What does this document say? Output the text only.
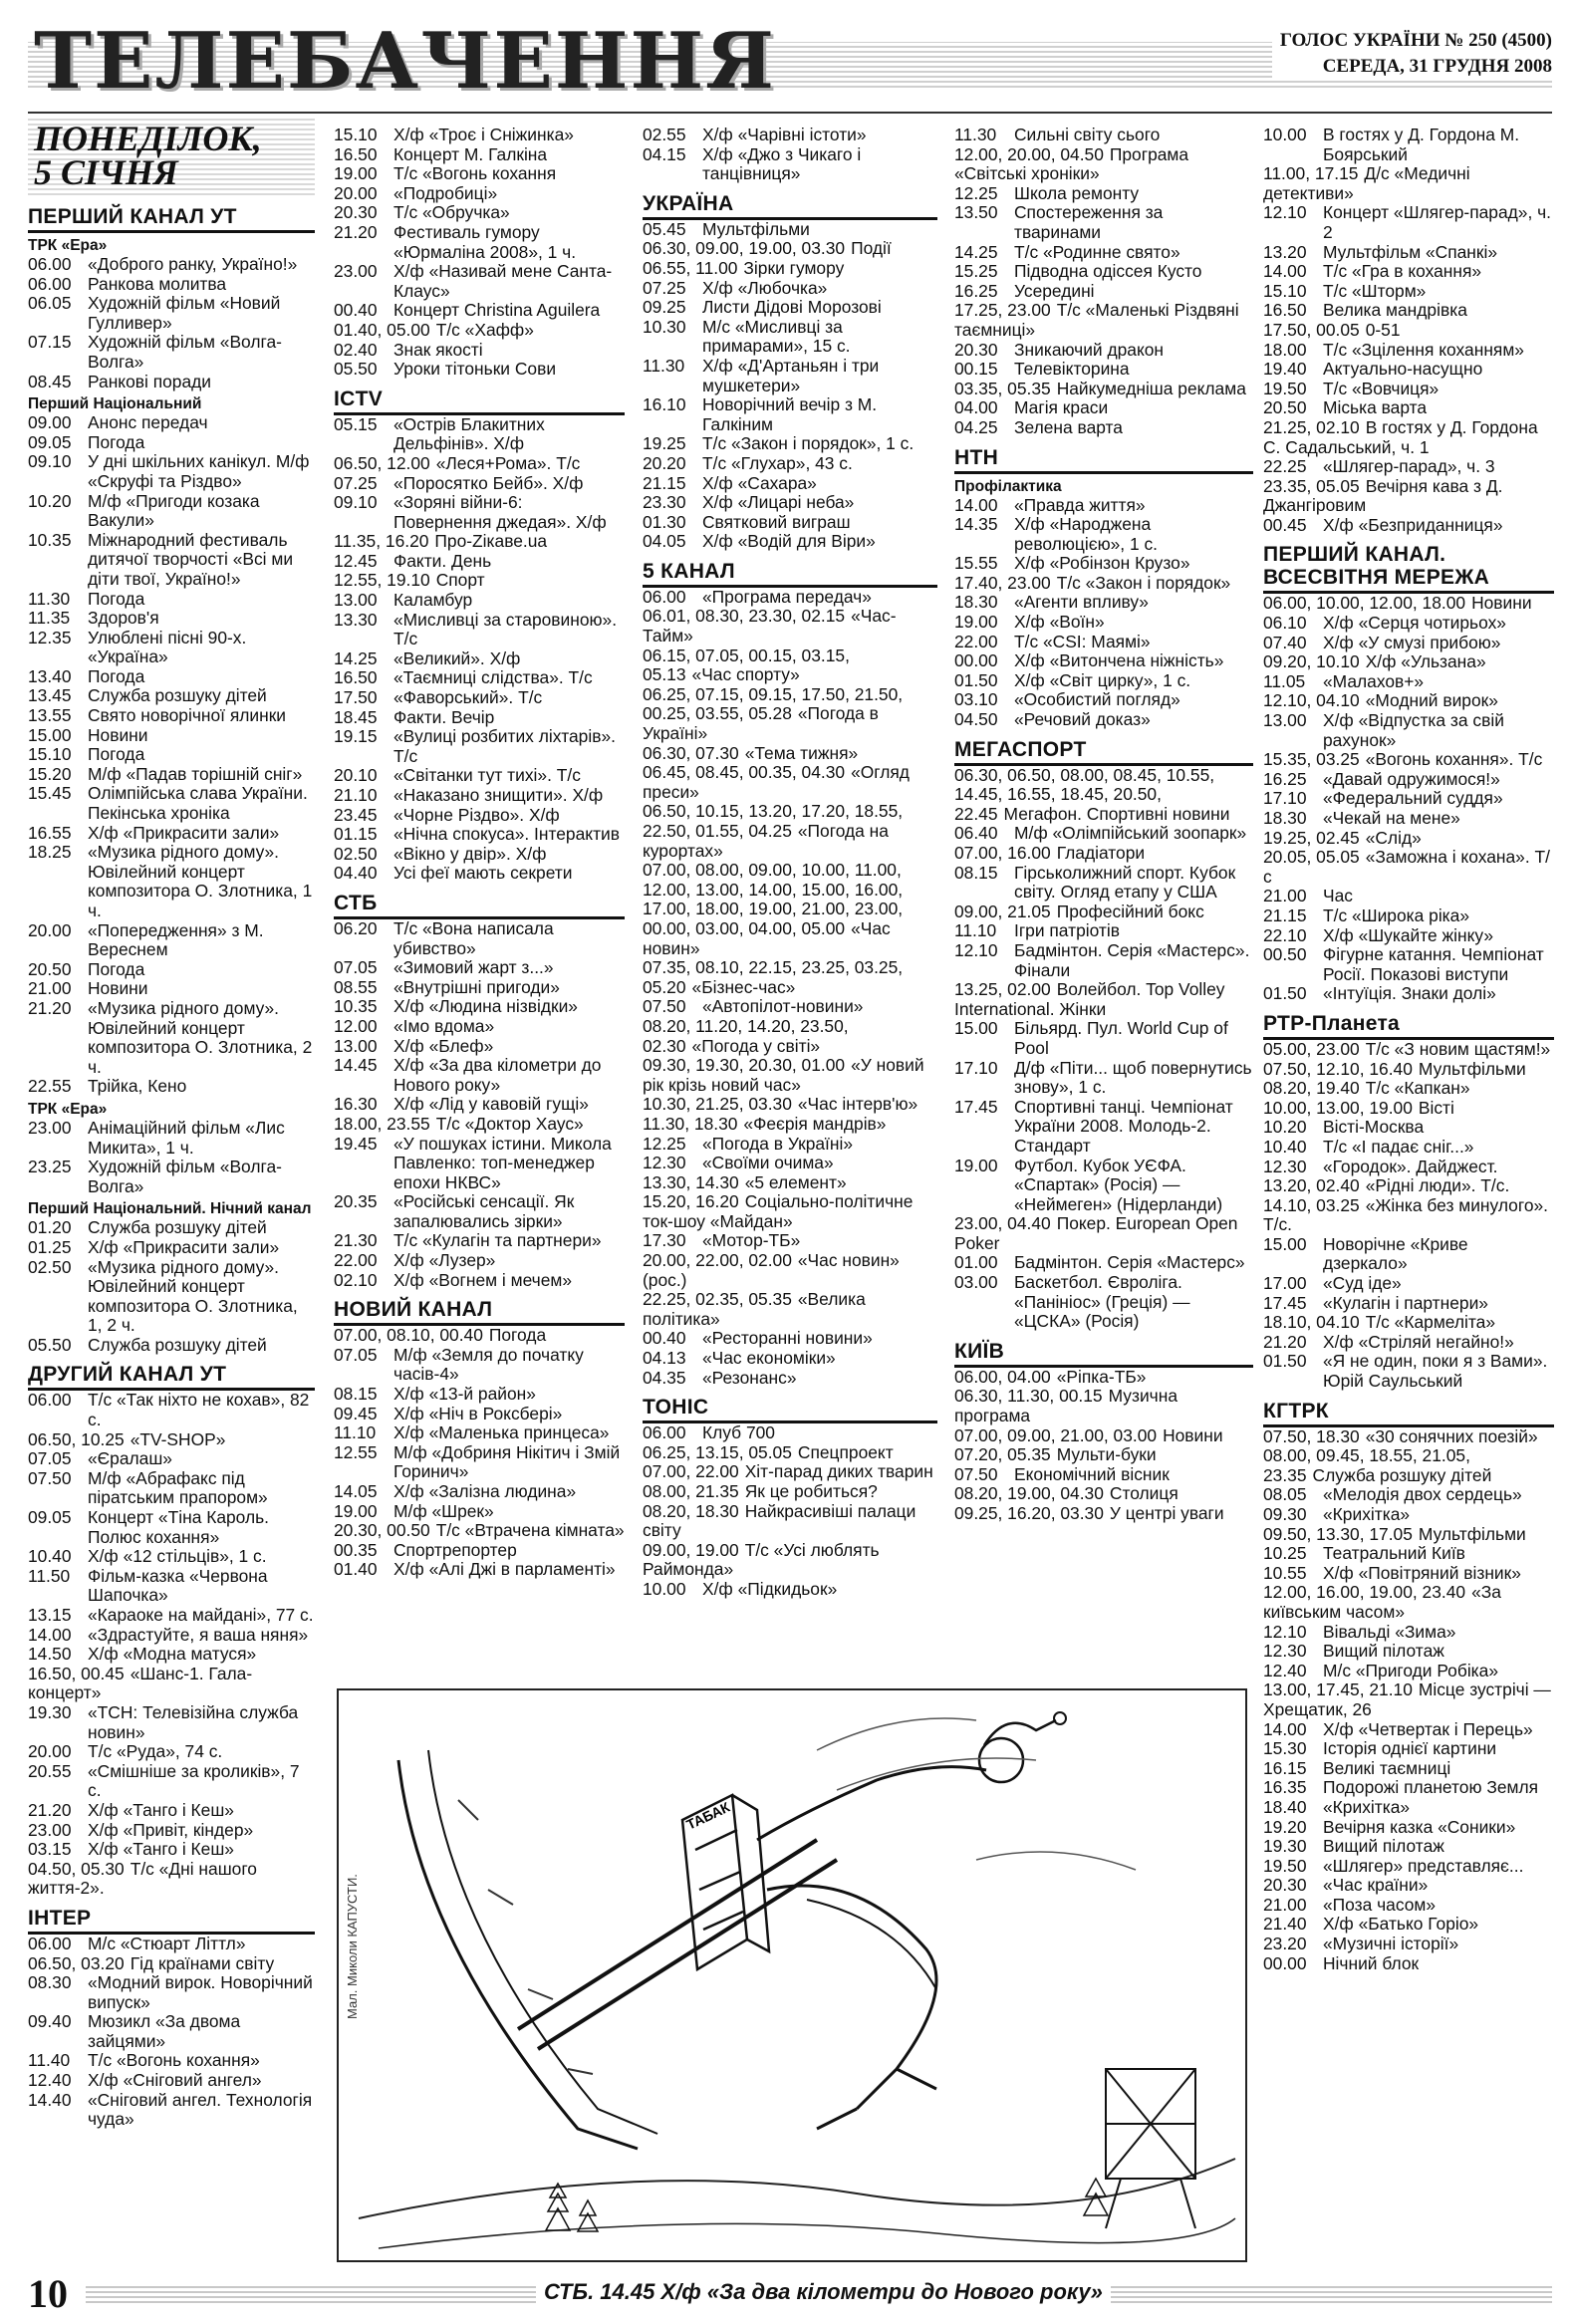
ТЕЛЕБАЧЕННЯ	ГОЛОС УКРАЇНИ № 250 (4500)
СЕРЕДА, 31 ГРУДНЯ 2008
ПОНЕДІЛОК,
5 СІЧНЯ
ПЕРШИЙ КАНАЛ УТ
ТРК «Ера»
06.00 «Доброго ранку, Україно!»
06.00 Ранкова молитва
06.05 Художній фільм «Новий Гулливер»
07.15 Художній фільм «Волга-Волга»
08.45 Ранкові поради
Перший Національний
09.00 Анонс передач
09.05 Погода
09.10 У дні шкільних канікул. М/ф «Скруфі та Різдво»
10.20 М/ф «Пригоди козака Вакули»
10.35 Міжнародний фестиваль дитячої творчості «Всі ми діти твої, Україно!»
11.30	Погода
11.35	Здоров'я
12.35 Улюблені пісні 90-х. «Україна»
13.40 Погода
13.45 Служба розшуку дітей
13.55 Свято новорічної ялинки
15.00 Новини
15.10 Погода
15.20 М/ф «Падав торішній сніг»
15.45 Олімпійська слава України. Пекінська хроніка
16.55 Х/ф «Прикрасити зали»
18.25 «Музика рідного дому». Ювілейний концерт композитора О. Злотника, 1 ч.
20.00 «Попередження» з М. Вереснем
20.50 Погода
21.00 Новини
21.20 «Музика рідного дому». Ювілейний концерт композитора О. Злотника, 2 ч.
22.55 Трійка, Кено
ТРК «Ера»
23.00 Анімаційний фільм «Лис Микита», 1 ч.
23.25 Художній фільм «Волга-Волга»
Перший Національний. Нічний канал
01.20 Служба розшуку дітей
01.25 Х/ф «Прикрасити зали»
02.50 «Музика рідного дому». Ювілейний концерт композитора О. Злотника, 1, 2 ч.
05.50 Служба розшуку дітей
ДРУГИЙ КАНАЛ УТ
06.00 Т/с «Так ніхто не кохав», 82 с.
06.50, 10.25 «TV-SHOP»
07.05 «Єралаш»
07.50 М/ф «Абрафакс під піратським прапором»
09.05 Концерт «Тіна Кароль. Полюс кохання»
10.40 Х/ф «12 стільців», 1 с.
11.50	Фільм-казка «Червона Шапочка»
13.15 «Караоке на майдані», 77 с.
14.00 «Здрастуйте, я ваша няня»
14.50 Х/ф «Модна матуся»
16.50, 00.45 «Шанс-1. Гала-концерт»
19.30 «ТСН: Телевізійна служба новин»
20.00 Т/с «Руда», 74 с.
20.55 «Смішніше за кроликів», 7 с.
21.20 Х/ф «Танго і Кеш»
23.00 Х/ф «Привіт, кіндер»
03.15 Х/ф «Танго і Кеш»
04.50, 05.30 Т/с «Дні нашого життя-2».
ІНТЕР
06.00 М/с «Стюарт Літтл»
06.50, 03.20 Гід країнами світу
08.30 «Модний вирок. Новорічний випуск»
09.40 Мюзикл «За двома зайцями»
11.40	Т/с «Вогонь кохання»
12.40 Х/ф «Сніговий ангел»
14.40 «Сніговий ангел. Технологія чуда»
15.10 Х/ф «Троє і Сніжинка»
16.50 Концерт М. Галкіна
19.00 Т/с «Вогонь кохання
20.00 «Подробиці»
20.30 Т/с «Обручка»
21.20 Фестиваль гумору «Юрмаліна 2008», 1 ч.
23.00 Х/ф «Називай мене Санта-Клаус»
00.40 Концерт Christina Aguilera
01.40, 05.00 Т/с «Хафф»
02.40 Знак якості
05.50 Уроки тітоньки Сови
ICTV
05.15 «Острів Блакитних Дельфінів». Х/ф
06.50, 12.00 «Леся+Рома». Т/с
07.25 «Поросятко Бейб». Х/ф
09.10 «Зоряні війни-6: Повернення джедая». Х/ф
11.35, 16.20 Про-Zікаве.ua
12.45 Факти. День
12.55, 19.10 Спорт
13.00 Каламбур
13.30 «Мисливці за старовиною». Т/с
14.25 «Великий». Х/ф
16.50 «Таємниці слідства». Т/с
17.50 «Фаворський». Т/с
18.45 Факти. Вечір
19.15 «Вулиці розбитих ліхтарів». Т/с
20.10 «Світанки тут тихі». Т/с
21.10 «Наказано знищити». Х/ф
23.45 «Чорне Різдво». Х/ф
01.15 «Нічна спокуса». Інтерактив
02.50 «Вікно у двір». Х/ф
04.40 Усі феї мають секрети
СТБ
06.20 Т/с «Вона написала убивство»
07.05 «Зимовий жарт з...»
08.55 «Внутрішні пригоди»
10.35 Х/ф «Людина нізвідки»
12.00 «Імо вдома»
13.00 Х/ф «Блеф»
14.45 Х/ф «За два кілометри до Нового року»
16.30 Х/ф «Лід у кавовій гущі»
18.00, 23.55 Т/с «Доктор Хаус»
19.45 «У пошуках істини. Микола Павленко: топ-менеджер епохи НКВС»
20.35 «Російські сенсації. Як запалювались зірки»
21.30 Т/с «Кулагін та партнери»
22.00 Х/ф «Лузер»
02.10 Х/ф «Вогнем і мечем»
НОВИЙ КАНАЛ
07.00, 08.10, 00.40 Погода
07.05 М/ф «Земля до початку часів-4»
08.15 Х/ф «13-й район»
09.45 Х/ф «Ніч в Роксбері»
11.10	Х/ф «Маленька принцеса»
12.55 М/ф «Добриня Нікітич і Змій Горинич»
14.05 Х/ф «Залізна людина»
19.00 М/ф «Шрек»
20.30, 00.50 Т/с «Втрачена кімната»
00.35 Спортрепортер
01.40 Х/ф «Алі Джі в парламенті»
02.55 Х/ф «Чарівні істоти»
04.15 Х/ф «Джо з Чикаго і танцівниця»
УКРАЇНА
05.45 Мультфільми
06.30, 09.00, 19.00, 03.30 Події
06.55, 11.00 Зірки гумору
07.25 Х/ф «Любочка»
09.25 Листи Дідові Морозові
10.30 М/с «Мисливці за примарами», 15 с.
11.30	Х/ф «Д'Артаньян і три мушкетери»
16.10 Новорічний вечір з М. Галкіним
19.25 Т/с «Закон і порядок», 1 с.
20.20 Т/с «Глухар», 43 с.
21.15 Х/ф «Сахара»
23.30 Х/ф «Лицарі неба»
01.30 Святковий виграш
04.05 Х/ф «Водій для Віри»
5 КАНАЛ
06.00 «Програма передач»
06.01, 08.30, 23.30, 02.15 «Час-Тайм»
06.15, 07.05, 00.15, 03.15, 05.13 «Час спорту»
06.25, 07.15, 09.15, 17.50, 21.50, 00.25, 03.55, 05.28 «Погода в Україні»
06.30, 07.30 «Тема тижня»
06.45, 08.45, 00.35, 04.30 «Огляд преси»
06.50, 10.15, 13.20, 17.20, 18.55, 22.50, 01.55, 04.25 «Погода на курортах»
07.00, 08.00, 09.00, 10.00, 11.00, 12.00, 13.00, 14.00, 15.00, 16.00, 17.00, 18.00, 19.00, 21.00, 23.00, 00.00, 03.00, 04.00, 05.00 «Час новин»
07.35, 08.10, 22.15, 23.25, 03.25, 05.20 «Бізнес-час»
07.50 «Автопілот-новини»
08.20, 11.20, 14.20, 23.50, 02.30 «Погода у світі»
09.30, 19.30, 20.30, 01.00 «У новий рік крізь новий час»
10.30, 21.25, 03.30 «Час інтерв'ю»
11.30, 18.30 «Феєрія мандрів»
12.25 «Погода в Україні»
12.30 «Своїми очима»
13.30, 14.30 «5 елемент»
15.20, 16.20 Соціально-політичне ток-шоу «Майдан»
17.30 «Мотор-ТБ»
20.00, 22.00, 02.00 «Час новин» (рос.)
22.25, 02.35, 05.35 «Велика політика»
00.40 «Ресторанні новини»
04.13 «Час економіки»
04.35 «Резонанс»
ТОНІС
06.00 Клуб 700
06.25, 13.15, 05.05 Спецпроект
07.00, 22.00 Хіт-парад диких тварин
08.00, 21.35 Як це робиться?
08.20, 18.30 Найкрасивіші палаци світу
09.00, 19.00 Т/с «Усі люблять Раймонда»
10.00 Х/ф «Підкидьок»
11.30	Сильні світу сього
12.00, 20.00, 04.50 Програма «Світські хроніки»
12.25 Школа ремонту
13.50 Спостереження за тваринами
14.25 Т/с «Родинне свято»
15.25 Підводна одіссея Кусто
16.25 Усередині
17.25, 23.00 Т/с «Маленькі Різдвяні таємниці»
20.30 Зникаючий дракон
00.15 Телевікторина
03.35, 05.35 Найкумедніша реклама
04.00 Магія краси
04.25 Зелена варта
НТН
Профілактика
14.00 «Правда життя»
14.35 Х/ф «Народжена революцією», 1 с.
15.55 Х/ф «Робінзон Крузо»
17.40, 23.00 Т/с «Закон і порядок»
18.30 «Агенти впливу»
19.00 Х/ф «Воїн»
22.00 Т/с «CSI: Маямі»
00.00 Х/ф «Витончена ніжність»
01.50 Х/ф «Світ цирку», 1 с.
03.10 «Особистий погляд»
04.50 «Речовий доказ»
МЕГАСПОРТ
06.30, 06.50, 08.00, 08.45, 10.55, 14.45, 16.55, 18.45, 20.50, 22.45 Мегафон. Спортивні новини
06.40 М/ф «Олімпійський зоопарк»
07.00, 16.00 Гладіатори
08.15 Гірськолижний спорт. Кубок світу. Огляд етапу у США
09.00, 21.05 Професійний бокс
11.10	Ігри патріотів
12.10 Бадмінтон. Серія «Мастерс». Фінали
13.25, 02.00 Волейбол. Top Volley International. Жінки
15.00 Більярд. Пул. World Cup of Pool
17.10 Д/ф «Піти... щоб повернутись знову», 1 с.
17.45 Спортивні танці. Чемпіонат України 2008. Молодь-2. Стандарт
19.00 Футбол. Кубок УЄФА. «Спартак» (Росія) — «Неймеген» (Нідерланди)
23.00, 04.40 Покер. European Open Poker
01.00 Бадмінтон. Серія «Мастерс»
03.00 Баскетбол. Євроліга. «Панініос» (Греція) — «ЦСКА» (Росія)
КИЇВ
06.00, 04.00 «Ріпка-ТБ»
06.30, 11.30, 00.15 Музична програма
07.00, 09.00, 21.00, 03.00 Новини
07.20, 05.35 Мульти-буки
07.50 Економічний вісник
08.20, 19.00, 04.30 Столиця
09.25, 16.20, 03.30 У центрі уваги
10.00 В гостях у Д. Гордона М. Боярський
11.00, 17.15 Д/с «Медичні детективи»
12.10 Концерт «Шлягер-парад», ч. 2
13.20 Мультфільм «Спанкі»
14.00 Т/с «Гра в кохання»
15.10 Т/с «Шторм»
16.50 Велика мандрівка
17.50, 00.05 0-51
18.00 Т/с «Зцілення коханням»
19.40 Актуально-насущно
19.50 Т/с «Вовчиця»
20.50 Міська варта
21.25, 02.10 В гостях у Д. Гордона С. Садальський, ч. 1
22.25 «Шлягер-парад», ч. 3
23.35, 05.05 Вечірня кава з Д. Джангіровим
00.45 Х/ф «Безприданниця»
ПЕРШИЙ КАНАЛ. ВСЕСВІТНЯ МЕРЕЖА
06.00, 10.00, 12.00, 18.00 Новини
06.10 Х/ф «Серця чотирьох»
07.40 Х/ф «У смузі прибою»
09.20, 10.10 Х/ф «Ульзана»
11.05	«Малахов+»
12.10, 04.10 «Модний вирок»
13.00 Х/ф «Відпустка за свій рахунок»
15.35, 03.25 «Вогонь кохання». Т/с
16.25 «Давай одружимося!»
17.10 «Федеральний суддя»
18.30 «Чекай на мене»
19.25, 02.45 «Слід»
20.05, 05.05 «Заможна і кохана». Т/с
21.00 Час
21.15 Т/с «Широка ріка»
22.10 Х/ф «Шукайте жінку»
00.50 Фігурне катання. Чемпіонат Росії. Показові виступи
01.50 «Інтуїція. Знаки долі»
РТР-Планета
05.00, 23.00 Т/с «З новим щастям!»
07.50, 12.10, 16.40 Мультфільми
08.20, 19.40 Т/с «Капкан»
10.00, 13.00, 19.00 Вісті
10.20 Вісті-Москва
10.40 Т/с «І падає сніг...»
12.30 «Городок». Дайджест.
13.20, 02.40 «Рідні люди». Т/с.
14.10, 03.25 «Жінка без минулого». Т/с.
15.00 Новорічне «Криве дзеркало»
17.00 «Суд іде»
17.45 «Кулагін і партнери»
18.10, 04.10 Т/с «Кармеліта»
21.20 Х/ф «Стріляй негайно!»
01.50 «Я не один, поки я з Вами». Юрій Саульський
КГТРК
07.50, 18.30 «30 сонячних поезій»
08.00, 09.45, 18.55, 21.05, 23.35 Служба розшуку дітей
08.05 «Мелодія двох сердець»
09.30 «Крихітка»
09.50, 13.30, 17.05 Мультфільми
10.25 Театральний Київ
10.55 Х/ф «Повітряний візник»
12.00, 16.00, 19.00, 23.40 «За київським часом»
12.10 Вівальді «Зима»
12.30 Вищий пілотаж
12.40 М/с «Пригоди Робіка»
13.00, 17.45, 21.10 Місце зустрічі — Хрещатик, 26
14.00 Х/ф «Четвертак і Перець»
15.30 Історія однієї картини
16.15 Великі таємниці
16.35 Подорожі планетою Земля
18.40 «Крихітка»
19.20 Вечірня казка «Соники»
19.30 Вищий пілотаж
19.50 «Шлягер» представляє...
20.30 «Час країни»
21.00 «Поза часом»
21.40 Х/ф «Батько Горіо»
23.20 «Музичні історії»
00.00 Нічний блок
Мал. Миколи КАПУСТИ.
ТАБАК
10	СТБ. 14.45 Х/ф «За два кілометри до Нового року»
